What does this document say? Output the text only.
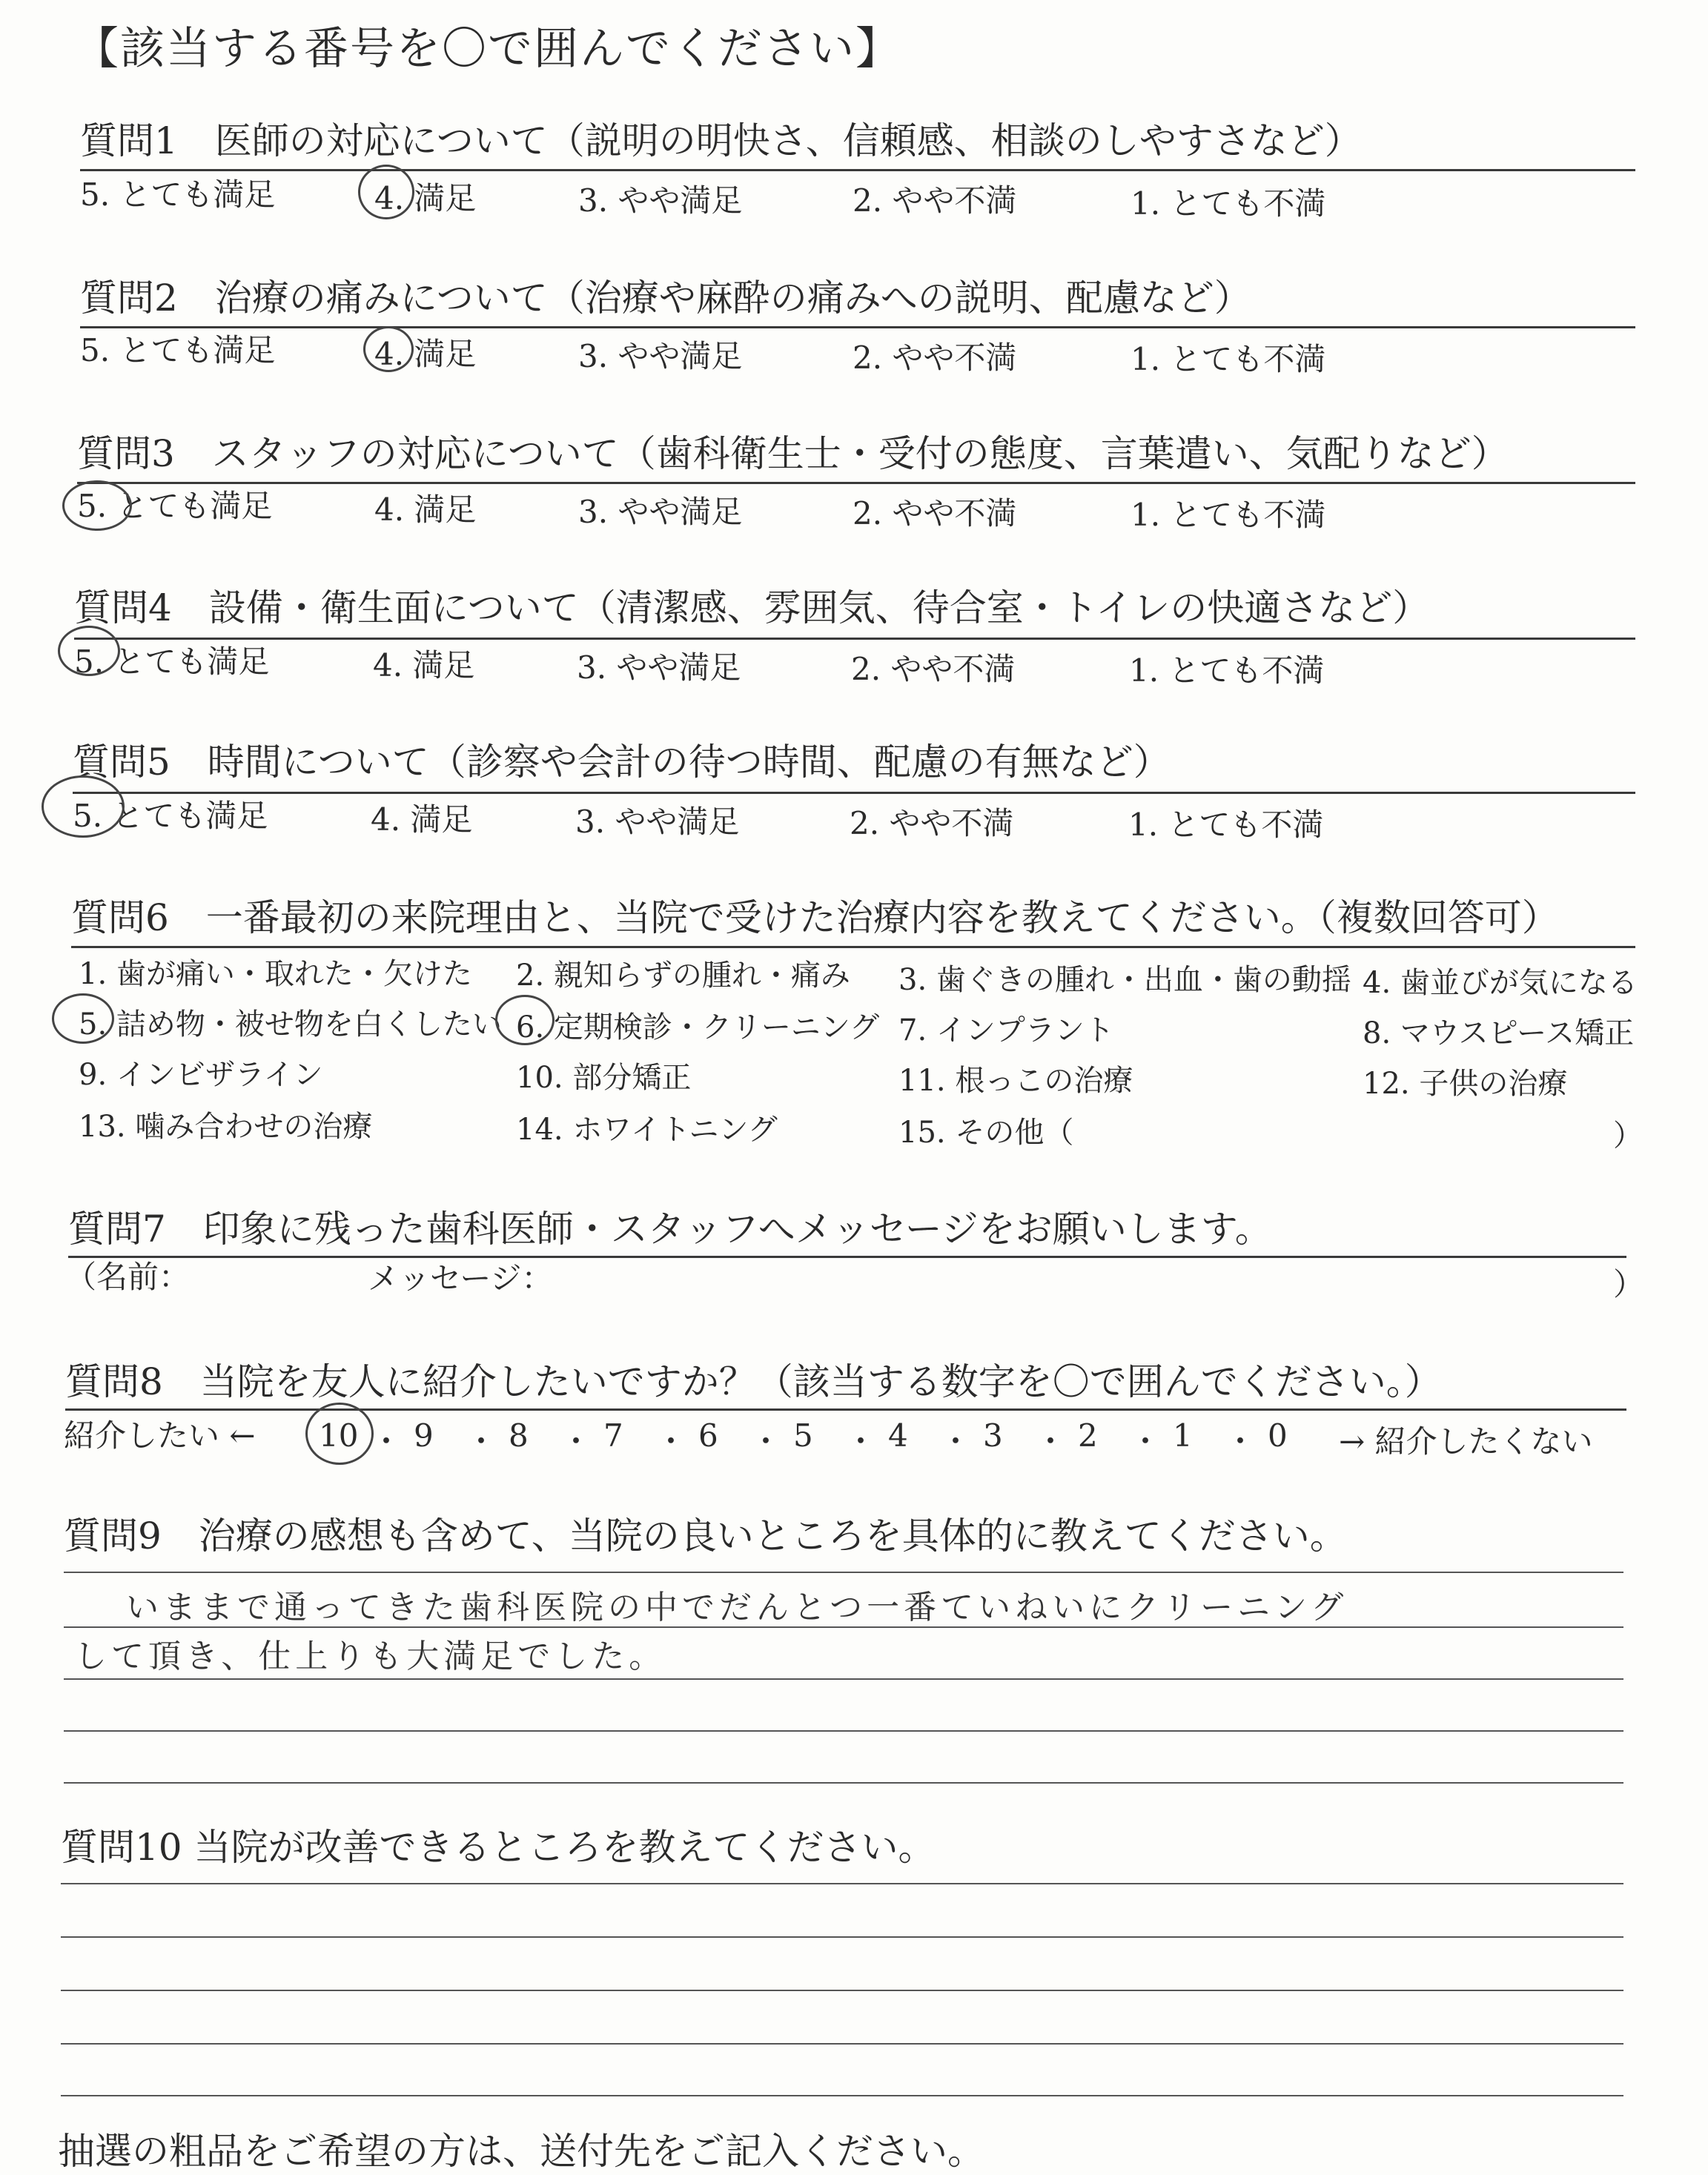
【該当する番号を〇で囲んでください】
質問1　医師の対応について（説明の明快さ、信頼感、相談のしやすさなど）
5. とても満足	4. 満足	3. やや満足	2. やや不満	1. とても不満
質問2　治療の痛みについて（治療や麻酔の痛みへの説明、配慮など）
5. とても満足	4. 満足	3. やや満足	2. やや不満	1. とても不満
質問3　スタッフの対応について（歯科衛生士・受付の態度、言葉遣い、気配りなど）
5. とても満足	4. 満足	3. やや満足	2. やや不満	1. とても不満
質問4　設備・衛生面について（清潔感、雰囲気、待合室・トイレの快適さなど）
5. とても満足	4. 満足	3. やや満足	2. やや不満	1. とても不満
質問5　時間について（診察や会計の待つ時間、配慮の有無など）
5. とても満足	4. 満足	3. やや満足	2. やや不満	1. とても不満
質問6　一番最初の来院理由と、当院で受けた治療内容を教えてください。（複数回答可）
1. 歯が痛い・取れた・欠けた 2. 親知らずの腫れ・痛み 3. 歯ぐきの腫れ・出血・歯の動揺 4. 歯並びが気になる
5. 詰め物・被せ物を白くしたい 6. 定期検診・クリーニング 7. インプラント	8. マウスピース矯正
9. インビザライン	10. 部分矯正	11. 根っこの治療	12. 子供の治療
13. 噛み合わせの治療	14. ホワイトニング	15. その他（	）
質問7　印象に残った歯科医師・スタッフへメッセージをお願いします。
（名前：	メッセージ：	）
質問8　当院を友人に紹介したいですか？（該当する数字を〇で囲んでください。）
紹介したい ← 10 ・ 9 ・ 8 ・ 7 ・ 6 ・ 5 ・ 4 ・ 3 ・ 2 ・ 1 ・ 0 → 紹介したくない
質問9　治療の感想も含めて、当院の良いところを具体的に教えてください。
いままで通ってきた歯科医院の中でだんとつ一番ていねいにクリーニング
して頂き、仕上りも大満足でした。
質問10 当院が改善できるところを教えてください。
抽選の粗品をご希望の方は、送付先をご記入ください。
